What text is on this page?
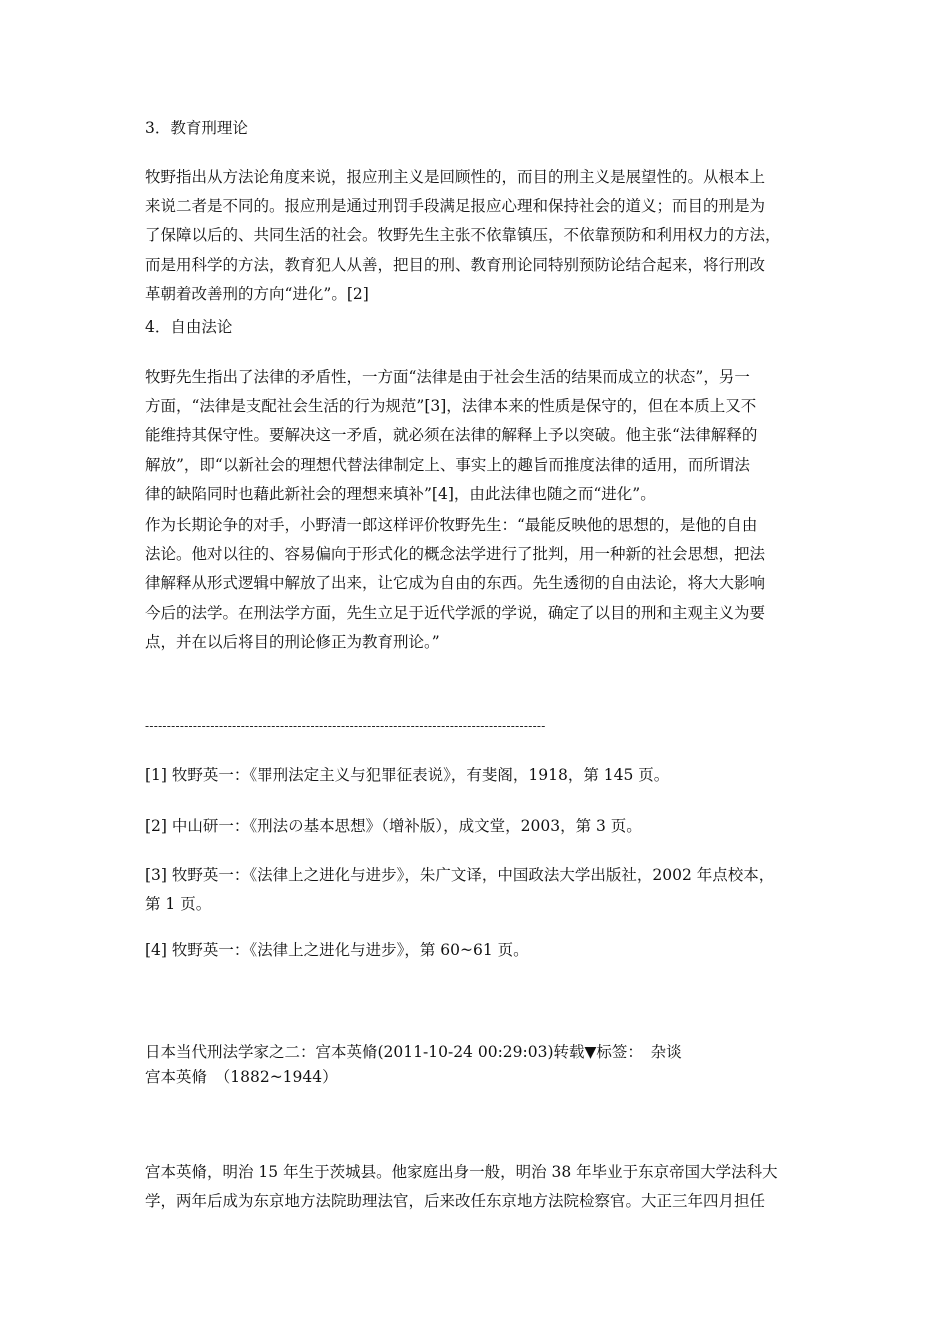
3．教育刑理论

牧野指出从方法论角度来说，报应刑主义是回顾性的，而目的刑主义是展望性的。从根本上
来说二者是不同的。报应刑是通过刑罚手段满足报应心理和保持社会的道义；而目的刑是为
了保障以后的、共同生活的社会。牧野先生主张不依靠镇压，不依靠预防和利用权力的方法，
而是用科学的方法，教育犯人从善，把目的刑、教育刑论同特别预防论结合起来，将行刑改
革朝着改善刑的方向“进化”。[2]

4．自由法论

牧野先生指出了法律的矛盾性，一方面“法律是由于社会生活的结果而成立的状态”，另一
方面，“法律是支配社会生活的行为规范”[3]，法律本来的性质是保守的，但在本质上又不
能维持其保守性。要解决这一矛盾，就必须在法律的解释上予以突破。他主张“法律解释的
解放”，即“以新社会的理想代替法律制定上、事实上的趣旨而推度法律的适用，而所谓法
律的缺陷同时也藉此新社会的理想来填补”[4]，由此法律也随之而“进化”。
作为长期论争的对手，小野清一郎这样评价牧野先生：“最能反映他的思想的，是他的自由
法论。他对以往的、容易偏向于形式化的概念法学进行了批判，用一种新的社会思想，把法
律解释从形式逻辑中解放了出来，让它成为自由的东西。先生透彻的自由法论，将大大影响
今后的法学。在刑法学方面，先生立足于近代学派的学说，确定了以目的刑和主观主义为要
点，并在以后将目的刑论修正为教育刑论。”
--------------------------------------------------------------------------------------------

[1] 牧野英一：《罪刑法定主义与犯罪征表说》，有斐阁，1918，第 145 页。

[2] 中山研一：《刑法の基本思想》（增补版），成文堂，2003，第 3 页。

[3] 牧野英一：《法律上之进化与进步》，朱广文译，中国政法大学出版社，2002 年点校本，
第 1 页。

[4] 牧野英一：《法律上之进化与进步》，第 60~61 页。

日本当代刑法学家之二：宫本英脩(2011-10-24 00:29:03)转载▼标签：　杂谈

宫本英脩　（1882~1944）

宫本英脩，明治 15 年生于茨城县。他家庭出身一般，明治 38 年毕业于东京帝国大学法科大
学，两年后成为东京地方法院助理法官，后来改任东京地方法院检察官。大正三年四月担任
